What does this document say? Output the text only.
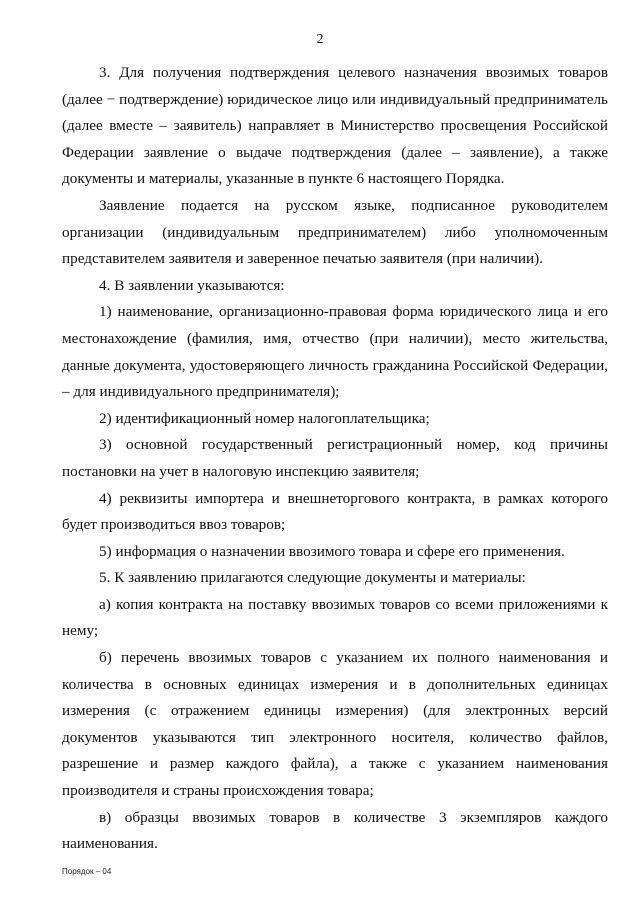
2

3. Для получения подтверждения целевого назначения ввозимых товаров (далее − подтверждение) юридическое лицо или индивидуальный предприниматель (далее вместе – заявитель) направляет в Министерство просвещения Российской Федерации заявление о выдаче подтверждения (далее – заявление), а также документы и материалы, указанные в пункте 6 настоящего Порядка.

Заявление подается на русском языке, подписанное руководителем организации (индивидуальным предпринимателем) либо уполномоченным представителем заявителя и заверенное печатью заявителя (при наличии).

4. В заявлении указываются:

1) наименование, организационно-правовая форма юридического лица и его местонахождение (фамилия, имя, отчество (при наличии), место жительства, данные документа, удостоверяющего личность гражданина Российской Федерации, – для индивидуального предпринимателя);

2) идентификационный номер налогоплательщика;

3) основной государственный регистрационный номер, код причины постановки на учет в налоговую инспекцию заявителя;

4) реквизиты импортера и внешнеторгового контракта, в рамках которого будет производиться ввоз товаров;

5) информация о назначении ввозимого товара и сфере его применения.

5. К заявлению прилагаются следующие документы и материалы:

а) копия контракта на поставку ввозимых товаров со всеми приложениями к нему;

б) перечень ввозимых товаров с указанием их полного наименования и количества в основных единицах измерения и в дополнительных единицах измерения (с отражением единицы измерения) (для электронных версий документов указываются тип электронного носителя, количество файлов, разрешение и размер каждого файла), а также с указанием наименования производителя и страны происхождения товара;

в) образцы ввозимых товаров в количестве 3 экземпляров каждого наименования.

Порядок – 04
